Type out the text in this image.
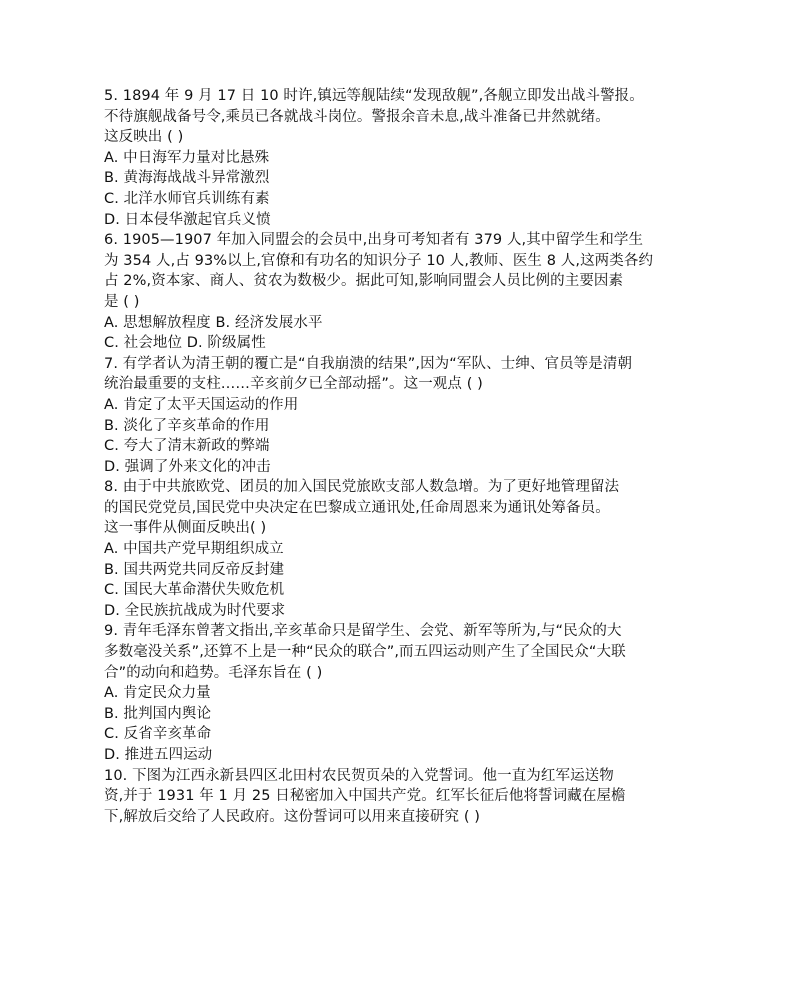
5. 1894 年 9 月 17 日 10 时许,镇远等舰陆续“发现敌舰”,各舰立即发出战斗警报。
不待旗舰战备号令,乘员已各就战斗岗位。警报余音未息,战斗准备已井然就绪。
这反映出 ( )
A. 中日海军力量对比悬殊
B. 黄海海战战斗异常激烈
C. 北洋水师官兵训练有素
D. 日本侵华激起官兵义愤
6. 1905—1907 年加入同盟会的会员中,出身可考知者有 379 人,其中留学生和学生
为 354 人,占 93%以上,官僚和有功名的知识分子 10 人,教师、医生 8 人,这两类各约
占 2%,资本家、商人、贫农为数极少。据此可知,影响同盟会人员比例的主要因素
是 ( )
A. 思想解放程度 B. 经济发展水平
C. 社会地位 D. 阶级属性
7. 有学者认为清王朝的覆亡是“自我崩溃的结果”,因为“军队、士绅、官员等是清朝
统治最重要的支柱……辛亥前夕已全部动摇”。这一观点 ( )
A. 肯定了太平天国运动的作用
B. 淡化了辛亥革命的作用
C. 夸大了清末新政的弊端
D. 强调了外来文化的冲击
8. 由于中共旅欧党、团员的加入国民党旅欧支部人数急增。为了更好地管理留法
的国民党党员,国民党中央决定在巴黎成立通讯处,任命周恩来为通讯处筹备员。
这一事件从侧面反映出( )
A. 中国共产党早期组织成立
B. 国共两党共同反帝反封建
C. 国民大革命潜伏失败危机
D. 全民族抗战成为时代要求
9. 青年毛泽东曾著文指出,辛亥革命只是留学生、会党、新军等所为,与“民众的大
多数毫没关系”,还算不上是一种“民众的联合”,而五四运动则产生了全国民众“大联
合”的动向和趋势。毛泽东旨在 ( )
A. 肯定民众力量
B. 批判国内舆论
C. 反省辛亥革命
D. 推进五四运动
10. 下图为江西永新县四区北田村农民贺页朵的入党誓词。他一直为红军运送物
资,并于 1931 年 1 月 25 日秘密加入中国共产党。红军长征后他将誓词藏在屋檐
下,解放后交给了人民政府。这份誓词可以用来直接研究 ( )
